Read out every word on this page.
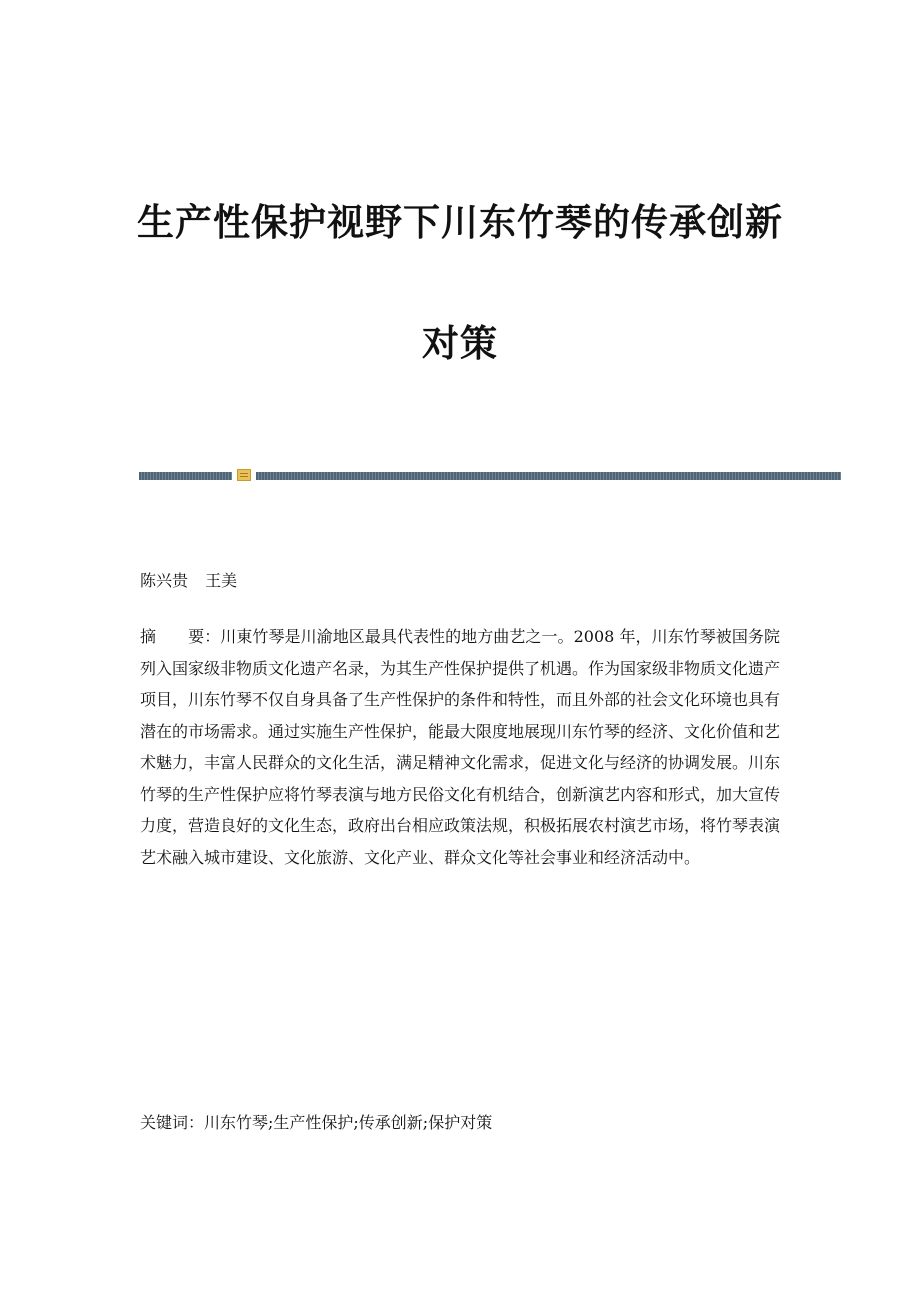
生产性保护视野下川东竹琴的传承创新
对策
陈兴贵 王美

摘　　要：川東竹琴是川渝地区最具代表性的地方曲艺之一。2008 年，川东竹琴被国务院列入国家级非物质文化遗产名录，为其生产性保护提供了机遇。作为国家级非物质文化遗产项目，川东竹琴不仅自身具备了生产性保护的条件和特性，而且外部的社会文化环境也具有潜在的市场需求。通过实施生产性保护，能最大限度地展现川东竹琴的经济、文化价值和艺术魅力，丰富人民群众的文化生活，满足精神文化需求，促进文化与经济的协调发展。川东竹琴的生产性保护应将竹琴表演与地方民俗文化有机结合，创新演艺内容和形式，加大宣传力度，营造良好的文化生态，政府出台相应政策法规，积极拓展农村演艺市场，将竹琴表演艺术融入城市建设、文化旅游、文化产业、群众文化等社会事业和经济活动中。

关键词：川东竹琴;生产性保护;传承创新;保护对策
